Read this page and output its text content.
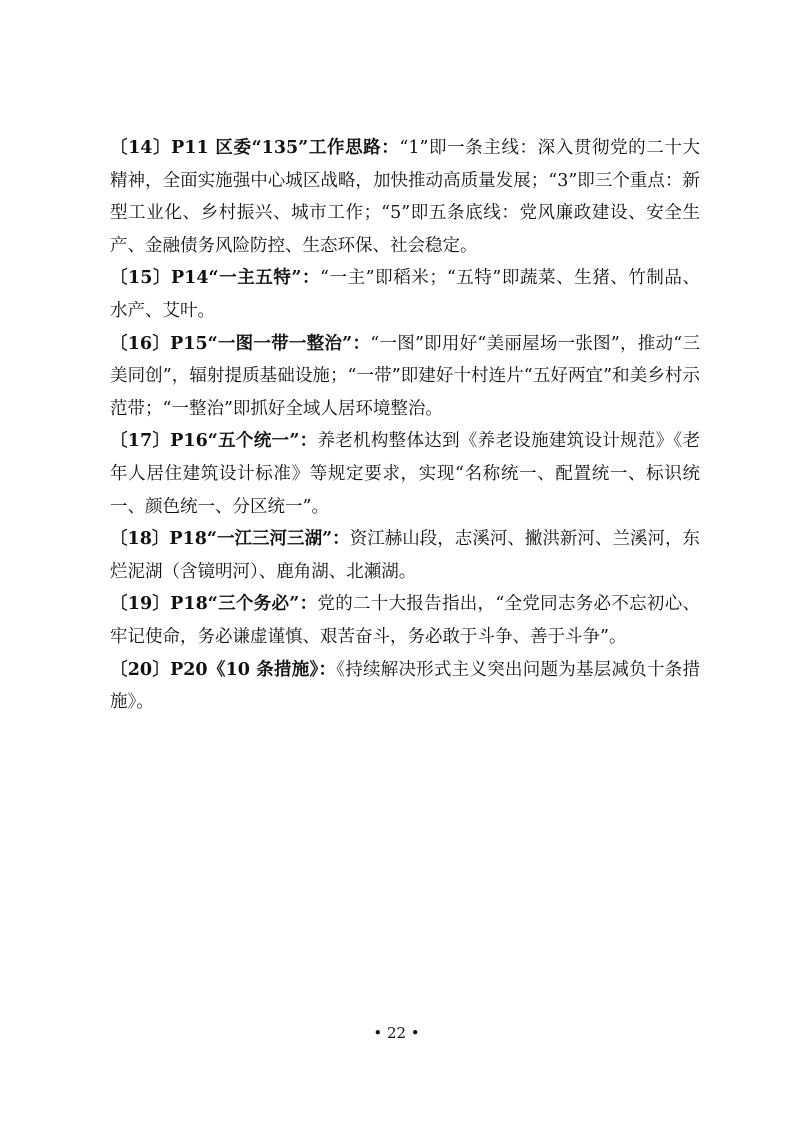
〔14〕P11 区委“135”工作思路：“1”即一条主线：深入贯彻党的二十大精神，全面实施强中心城区战略，加快推动高质量发展；“3”即三个重点：新型工业化、乡村振兴、城市工作；“5”即五条底线：党风廉政建设、安全生产、金融债务风险防控、生态环保、社会稳定。

〔15〕P14“一主五特”：“一主”即稻米；“五特”即蔬菜、生猪、竹制品、水产、艾叶。

〔16〕P15“一图一带一整治”：“一图”即用好“美丽屋场一张图”，推动“三美同创”，辐射提质基础设施；“一带”即建好十村连片“五好两宜”和美乡村示范带；“一整治”即抓好全域人居环境整治。

〔17〕P16“五个统一”：养老机构整体达到《养老设施建筑设计规范》《老年人居住建筑设计标准》等规定要求，实现“名称统一、配置统一、标识统一、颜色统一、分区统一”。

〔18〕P18“一江三河三湖”：资江赫山段，志溪河、撇洪新河、兰溪河，东烂泥湖（含镜明河）、鹿角湖、北瀬湖。

〔19〕P18“三个务必”：党的二十大报告指出，“全党同志务必不忘初心、牢记使命，务必谦虚谨慎、艰苦奋斗，务必敢于斗争、善于斗争”。

〔20〕P20《10 条措施》：《持续解决形式主义突出问题为基层减负十条措施》。

• 22 •
